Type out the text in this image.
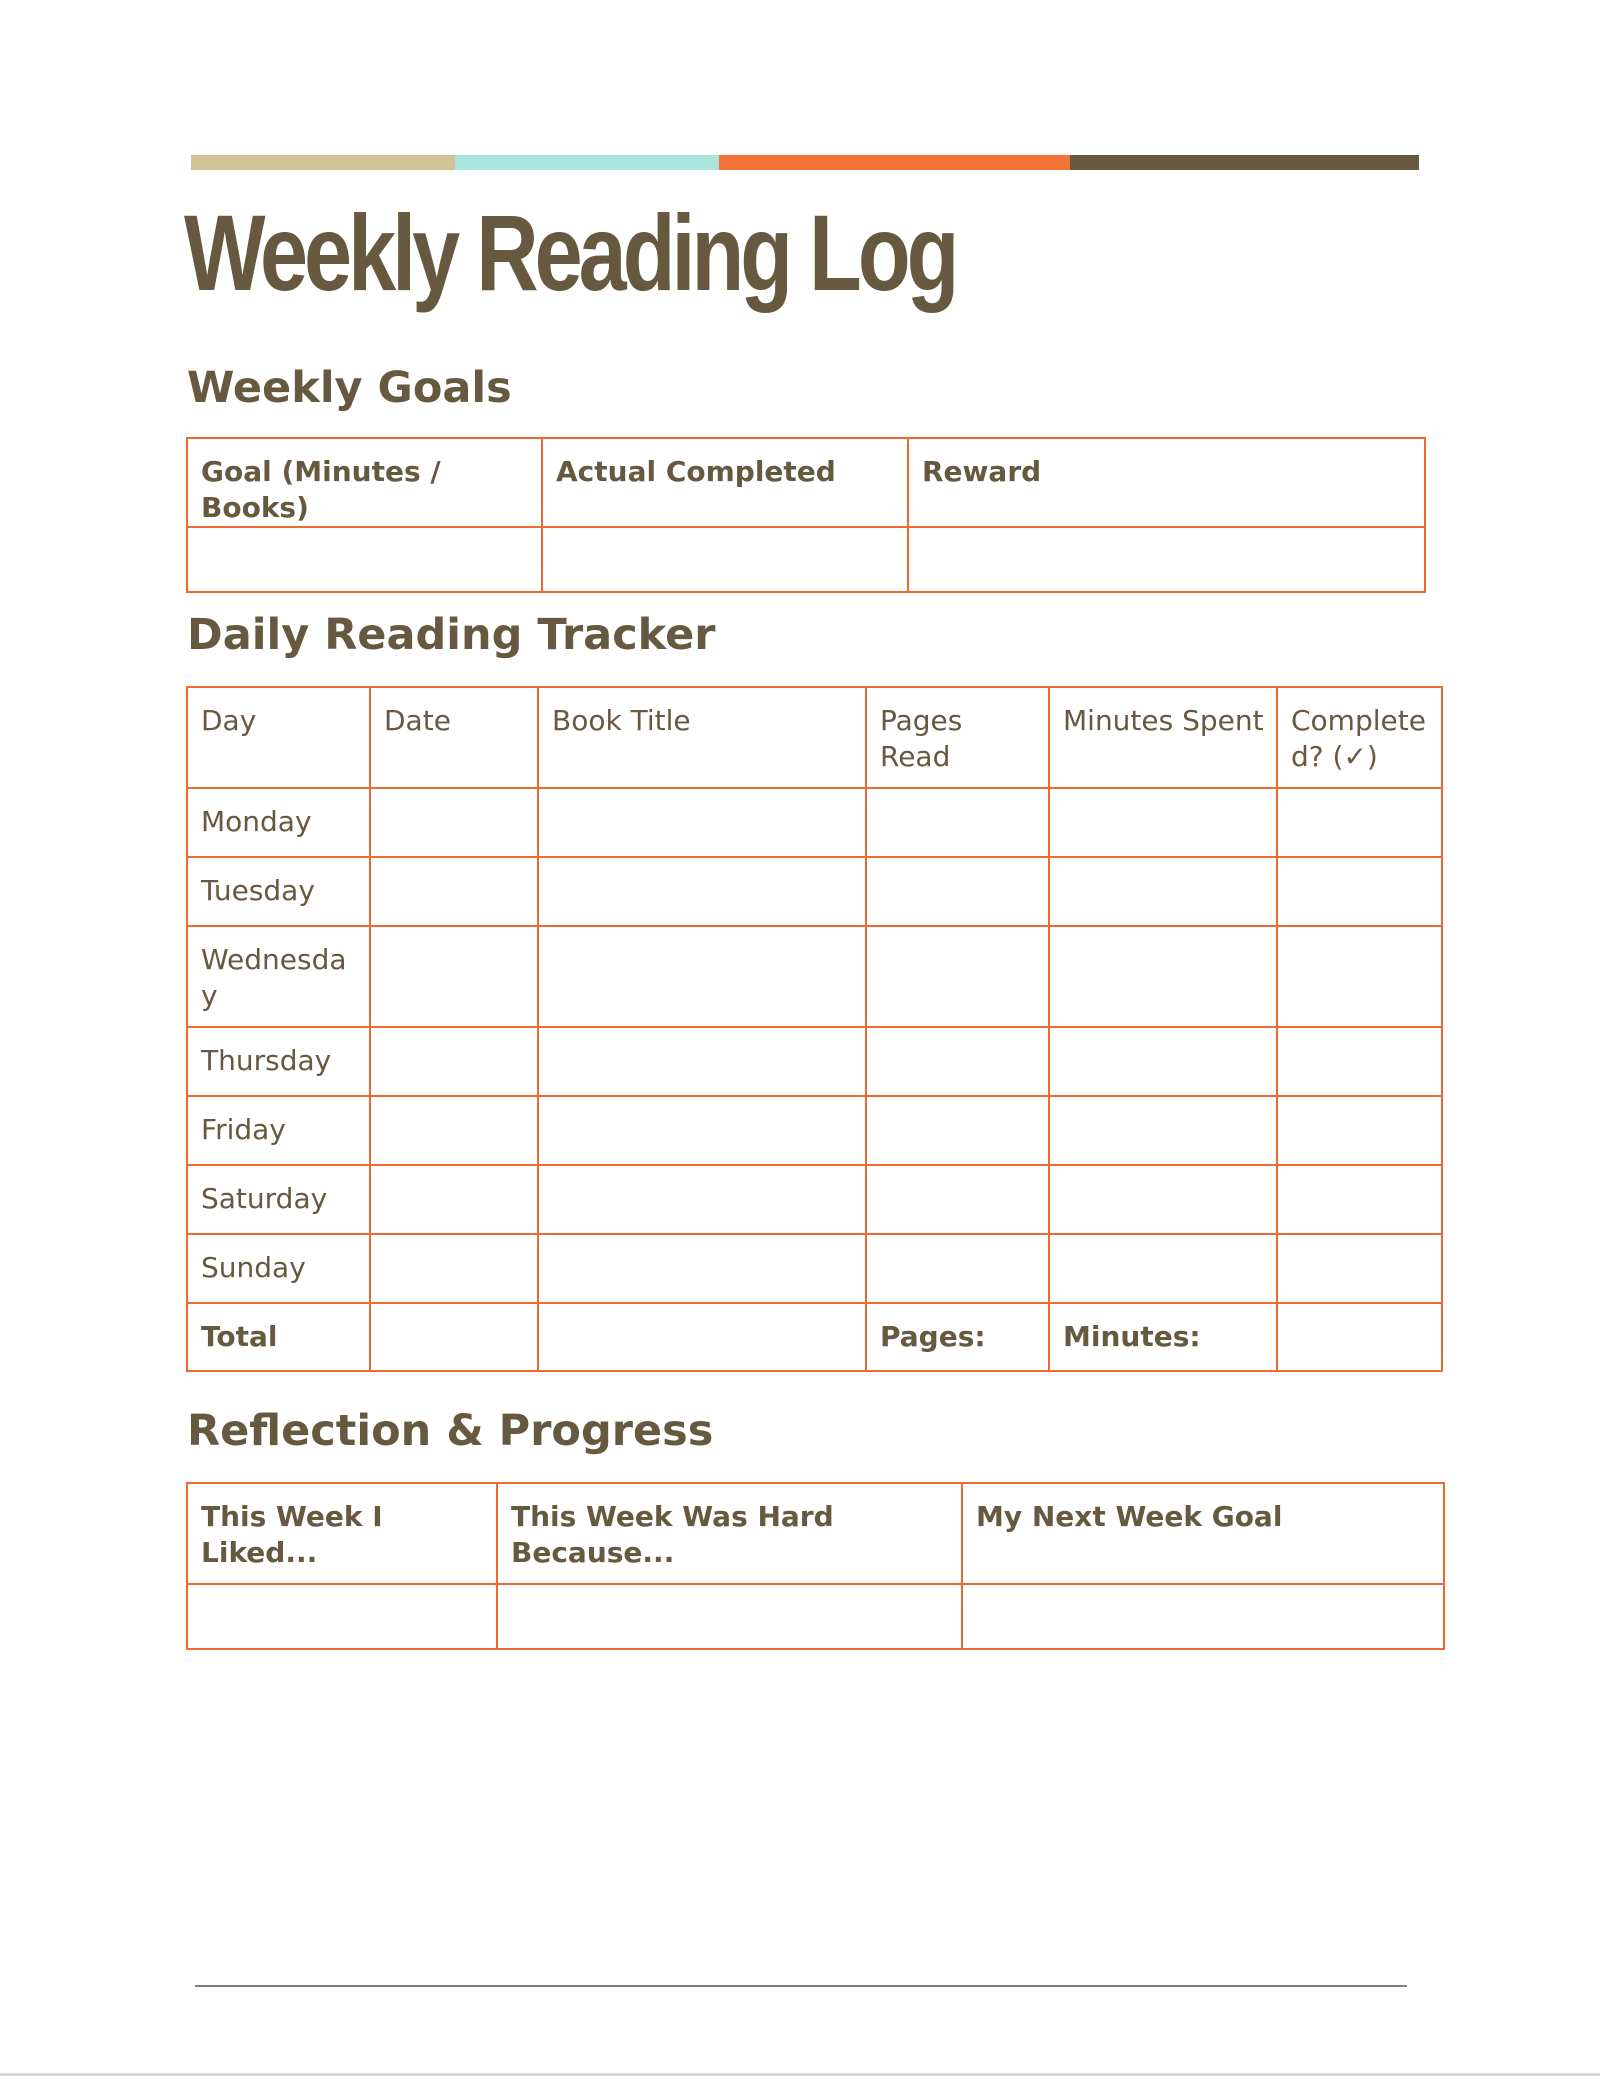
Weekly Reading Log
Weekly Goals
Goal (Minutes / Books)	Actual Completed	Reward

Daily Reading Tracker
Day	Date	Book Title	Pages Read	Minutes Spent	Completed? (✓)
Monday					
Tuesday					
Wednesday					
Thursday					
Friday					
Saturday					
Sunday					
Total			Pages:	Minutes:	
Reflection & Progress
This Week I Liked...	This Week Was Hard Because...	My Next Week Goal
